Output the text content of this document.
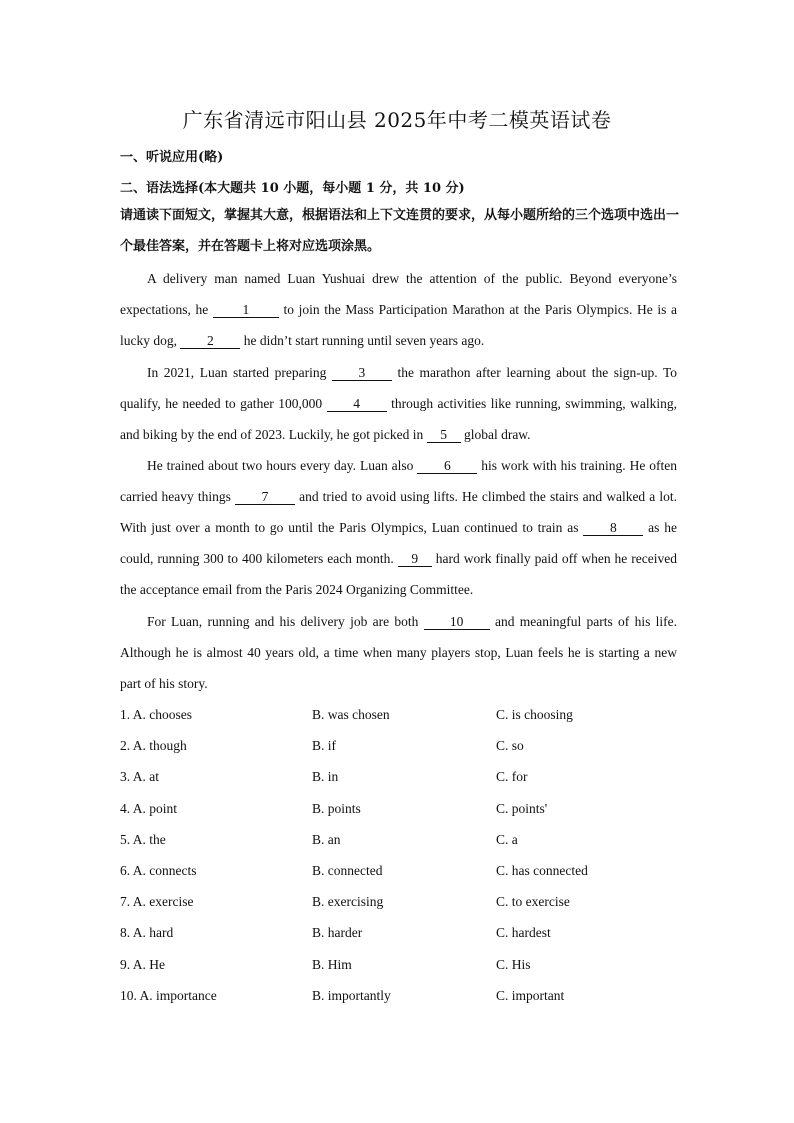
广东省清远市阳山县 2025年中考二模英语试卷
一、听说应用(略)
二、语法选择(本大题共 10 小题，每小题 1 分，共 10 分)
请通读下面短文，掌握其大意，根据语法和上下文连贯的要求，从每小题所给的三个选项中选出一个最佳答案，并在答题卡上将对应选项涂黑。

A delivery man named Luan Yushuai drew the attention of the public. Beyond everyone’s expectations, he 1 to join the Mass Participation Marathon at the Paris Olympics. He is a lucky dog, 2 he didn’t start running until seven years ago.

In 2021, Luan started preparing 3 the marathon after learning about the sign-up. To qualify, he needed to gather 100,000 4 through activities like running, swimming, walking, and biking by the end of 2023. Luckily, he got picked in 5 global draw.

He trained about two hours every day. Luan also 6 his work with his training. He often carried heavy things 7 and tried to avoid using lifts. He climbed the stairs and walked a lot. With just over a month to go until the Paris Olympics, Luan continued to train as 8 as he could, running 300 to 400 kilometers each month. 9 hard work finally paid off when he received the acceptance email from the Paris 2024 Organizing Committee.

For Luan, running and his delivery job are both 10 and meaningful parts of his life. Although he is almost 40 years old, a time when many players stop, Luan feels he is starting a new part of his story.

1. A. chooses	B. was chosen	C. is choosing
2. A. though	B. if	C. so
3. A. at	B. in	C. for
4. A. point	B. points	C. points'
5. A. the	B. an	C. a
6. A. connects	B. connected	C. has connected
7. A. exercise	B. exercising	C. to exercise
8. A. hard	B. harder	C. hardest
9. A. He	B. Him	C. His
10. A. importance	B. importantly	C. important
